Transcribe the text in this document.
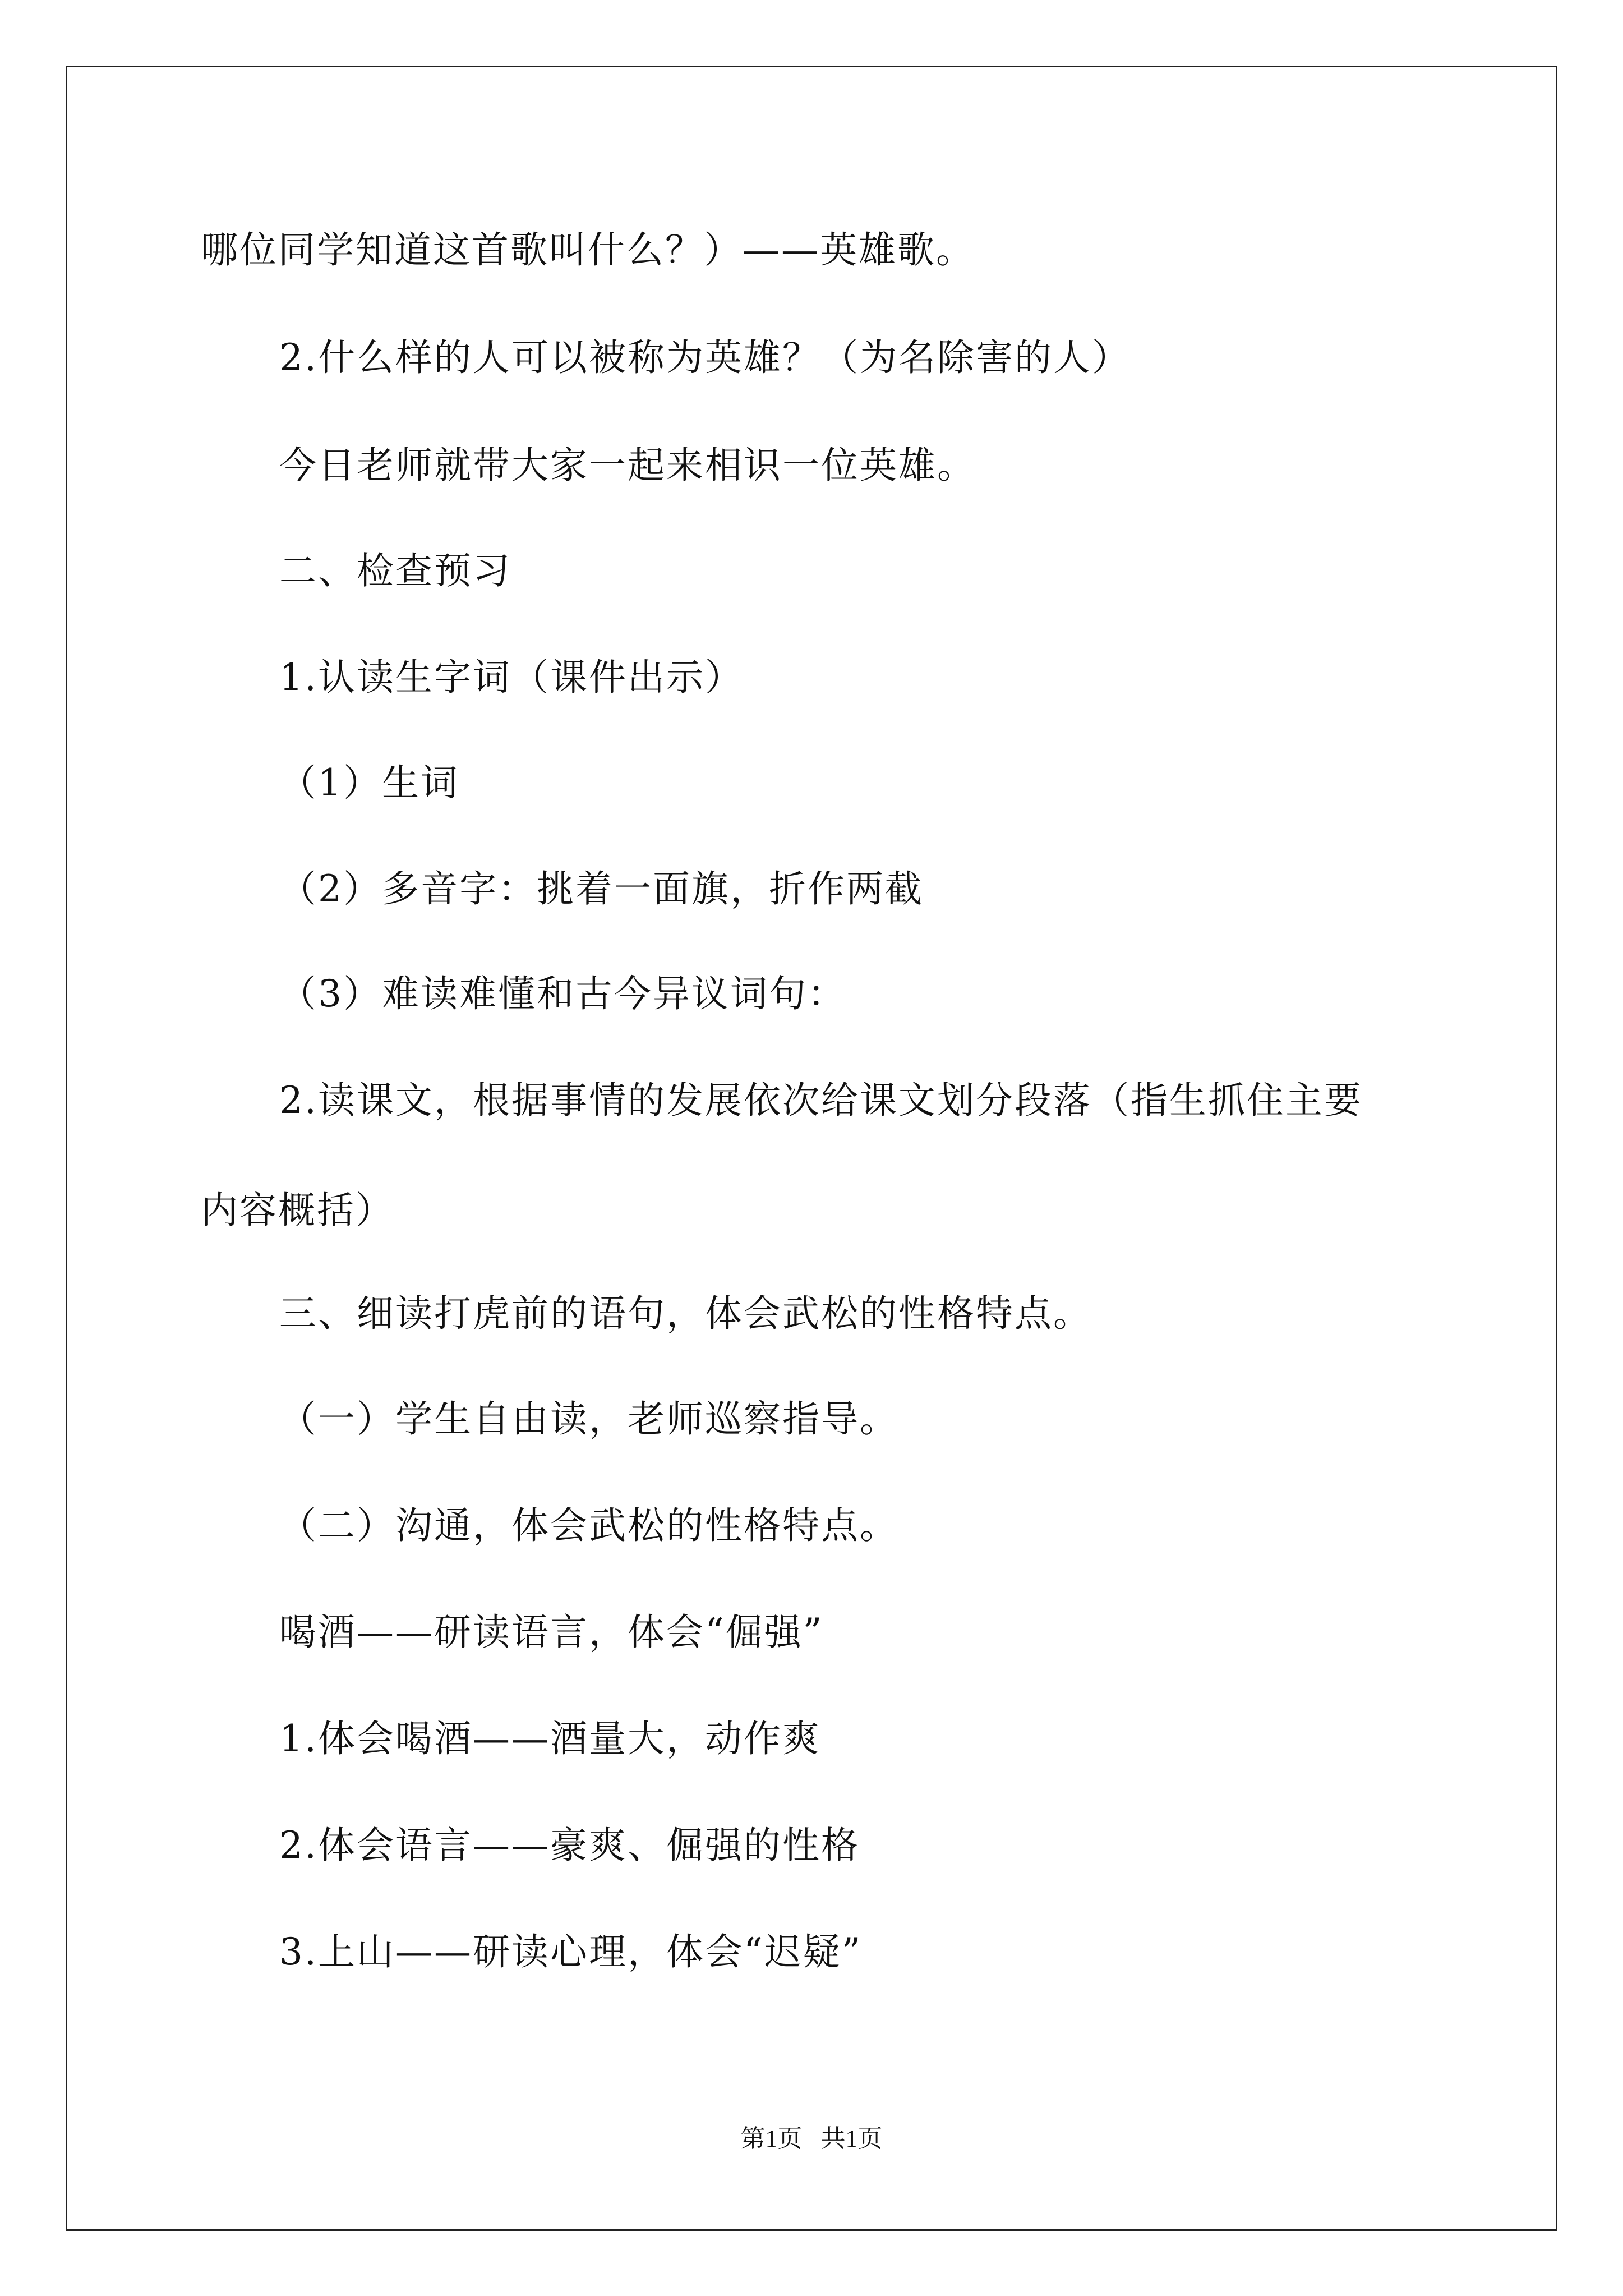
哪位同学知道这首歌叫什么？）——英雄歌。
2.什么样的人可以被称为英雄？（为名除害的人）
今日老师就带大家一起来相识一位英雄。
二、检查预习
1.认读生字词（课件出示）
（1）生词
（2）多音字：挑着一面旗，折作两截
（3）难读难懂和古今异议词句：
2.读课文，根据事情的发展依次给课文划分段落（指生抓住主要
内容概括）
三、细读打虎前的语句，体会武松的性格特点。
（一）学生自由读，老师巡察指导。
（二）沟通，体会武松的性格特点。
喝酒——研读语言，体会“倔强”
1.体会喝酒——酒量大，动作爽
2.体会语言——豪爽、倔强的性格
3.上山——研读心理，体会“迟疑”
第1页   共1页
